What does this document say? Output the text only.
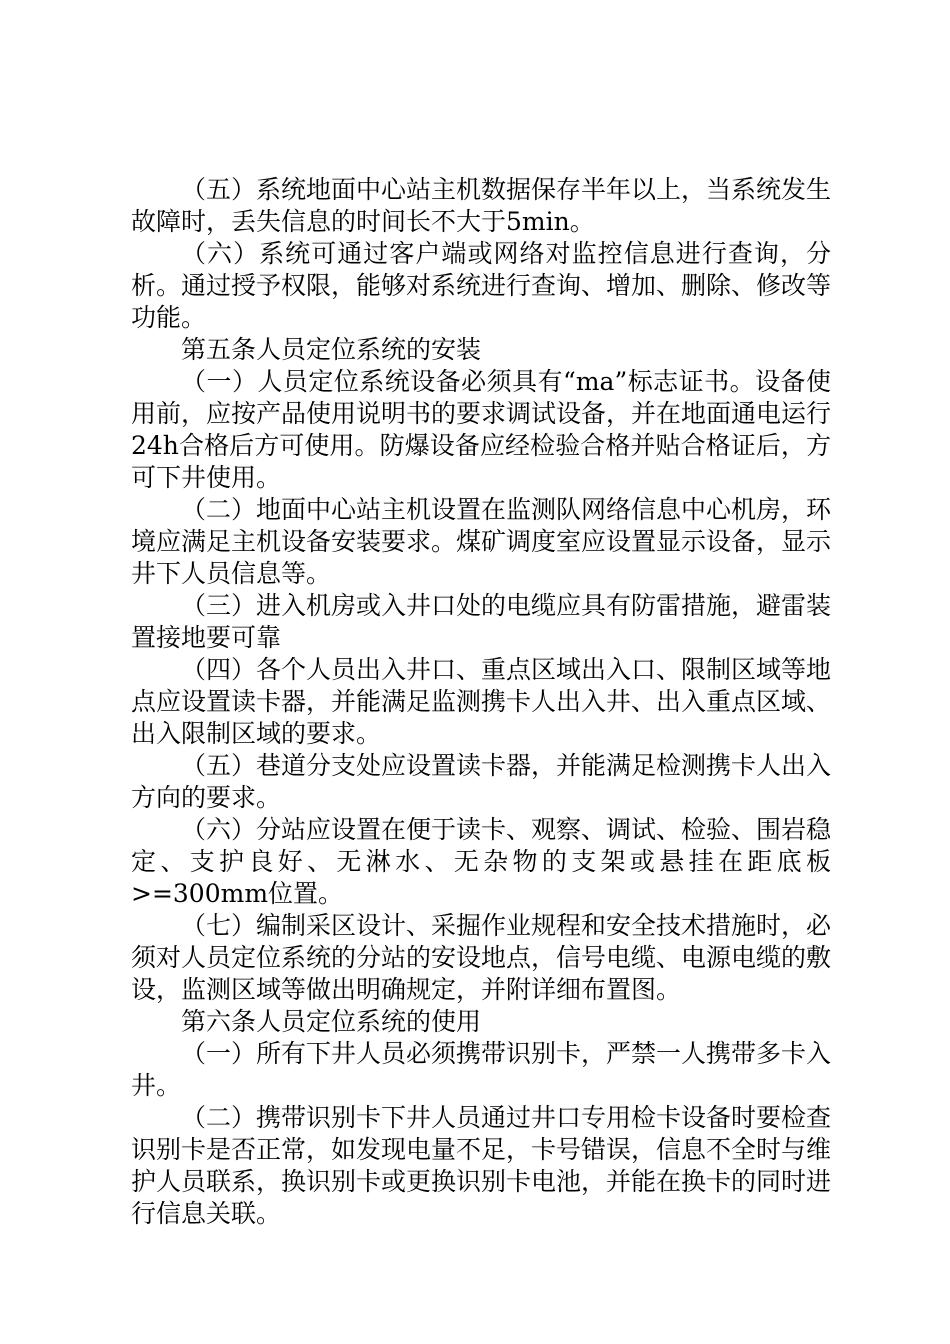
（五）系统地面中心站主机数据保存半年以上，当系统发生故障时，丢失信息的时间长不大于5min。

（六）系统可通过客户端或网络对监控信息进行查询，分析。通过授予权限，能够对系统进行查询、增加、删除、修改等功能。

第五条人员定位系统的安装

（一）人员定位系统设备必须具有“ma”标志证书。设备使用前，应按产品使用说明书的要求调试设备，并在地面通电运行24h合格后方可使用。防爆设备应经检验合格并贴合格证后，方可下井使用。

（二）地面中心站主机设置在监测队网络信息中心机房，环境应满足主机设备安装要求。煤矿调度室应设置显示设备，显示井下人员信息等。

（三）进入机房或入井口处的电缆应具有防雷措施，避雷装置接地要可靠

（四）各个人员出入井口、重点区域出入口、限制区域等地点应设置读卡器，并能满足监测携卡人出入井、出入重点区域、出入限制区域的要求。

（五）巷道分支处应设置读卡器，并能满足检测携卡人出入方向的要求。

（六）分站应设置在便于读卡、观察、调试、检验、围岩稳定、支护良好、无淋水、无杂物的支架或悬挂在距底板>=300mm位置。

（七）编制采区设计、采掘作业规程和安全技术措施时，必须对人员定位系统的分站的安设地点，信号电缆、电源电缆的敷设，监测区域等做出明确规定，并附详细布置图。

第六条人员定位系统的使用

（一）所有下井人员必须携带识别卡，严禁一人携带多卡入井。

（二）携带识别卡下井人员通过井口专用检卡设备时要检查识别卡是否正常，如发现电量不足，卡号错误，信息不全时与维护人员联系，换识别卡或更换识别卡电池，并能在换卡的同时进行信息关联。
